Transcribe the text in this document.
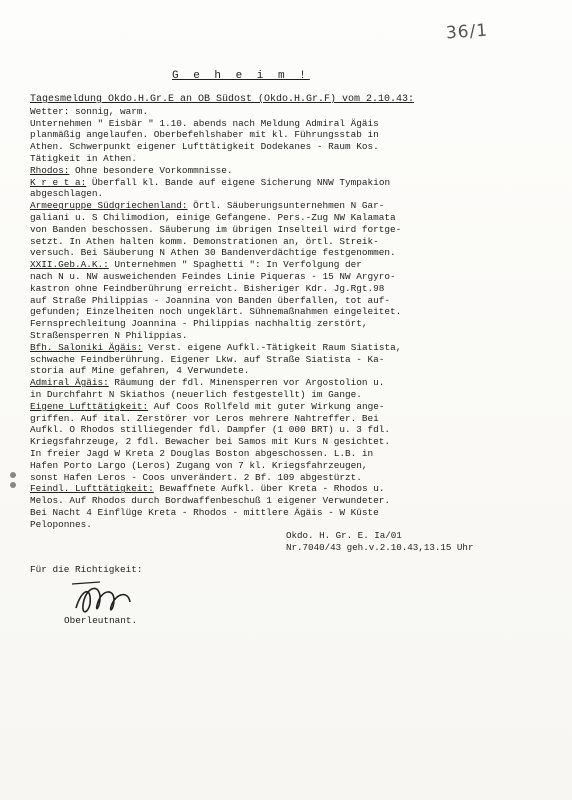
36/1
G e h e i m !
Tagesmeldung Okdo.H.Gr.E an OB Südost (Okdo.H.Gr.F) vom 2.10.43:
Wetter: sonnig, warm.
Unternehmen " Eisbär " 1.10. abends nach Meldung Admiral Ägäis
planmäßig angelaufen. Oberbefehlshaber mit kl. Führungsstab in
Athen. Schwerpunkt eigener Lufttätigkeit Dodekanes - Raum Kos.
Tätigkeit in Athen.
Rhodos: Ohne besondere Vorkommnisse.
K r e t a: Überfall kl. Bande auf eigene Sicherung NNW Tympakion
abgeschlagen.
Armeegruppe Südgriechenland: Örtl. Säuberungsunternehmen N Gar-
galiani u. S Chilimodion, einige Gefangene. Pers.-Zug NW Kalamata
von Banden beschossen. Säuberung im übrigen Inselteil wird fortge-
setzt. In Athen halten komm. Demonstrationen an, örtl. Streik-
versuch. Bei Säuberung N Athen 30 Bandenverdächtige festgenommen.
XXII.Geb.A.K.: Unternehmen " Spaghetti ": In Verfolgung der
nach N u. NW ausweichenden Feindes Linie Piqueras - 15 NW Argyro-
kastron ohne Feindberührung erreicht. Bisheriger Kdr. Jg.Rgt.98
auf Straße Philippias - Joannina von Banden überfallen, tot auf-
gefunden; Einzelheiten noch ungeklärt. Sühnemaßnahmen eingeleitet.
Fernsprechleitung Joannina - Philippias nachhaltig zerstört,
Straßensperren N Philippias.
Bfh. Saloniki Ägäis: Verst. eigene Aufkl.-Tätigkeit Raum Siatista,
schwache Feindberührung. Eigener Lkw. auf Straße Siatista - Ka-
storia auf Mine gefahren, 4 Verwundete.
Admiral Ägäis: Räumung der fdl. Minensperren vor Argostolion u.
in Durchfahrt N Skiathos (neuerlich festgestellt) im Gange.
Eigene Lufttätigkeit: Auf Coos Rollfeld mit guter Wirkung ange-
griffen. Auf ital. Zerstörer vor Leros mehrere Nahtreffer. Bei
Aufkl. O Rhodos stilliegender fdl. Dampfer (1 000 BRT) u. 3 fdl.
Kriegsfahrzeuge, 2 fdl. Bewacher bei Samos mit Kurs N gesichtet.
In freier Jagd W Kreta 2 Douglas Boston abgeschossen. L.B. in
Hafen Porto Largo (Leros) Zugang von 7 kl. Kriegsfahrzeugen,
sonst Hafen Leros - Coos unverändert. 2 Bf. 109 abgestürzt.
Feindl. Lufttätigkeit: Bewaffnete Aufkl. über Kreta - Rhodos u.
Melos. Auf Rhodos durch Bordwaffenbeschuß 1 eigener Verwundeter.
Bei Nacht 4 Einflüge Kreta - Rhodos - mittlere Ägäis - W Küste
Peloponnes.
Okdo. H. Gr. E. Ia/01
Nr.7040/43 geh.v.2.10.43,13.15 Uhr
Für die Richtigkeit:
Oberleutnant.
